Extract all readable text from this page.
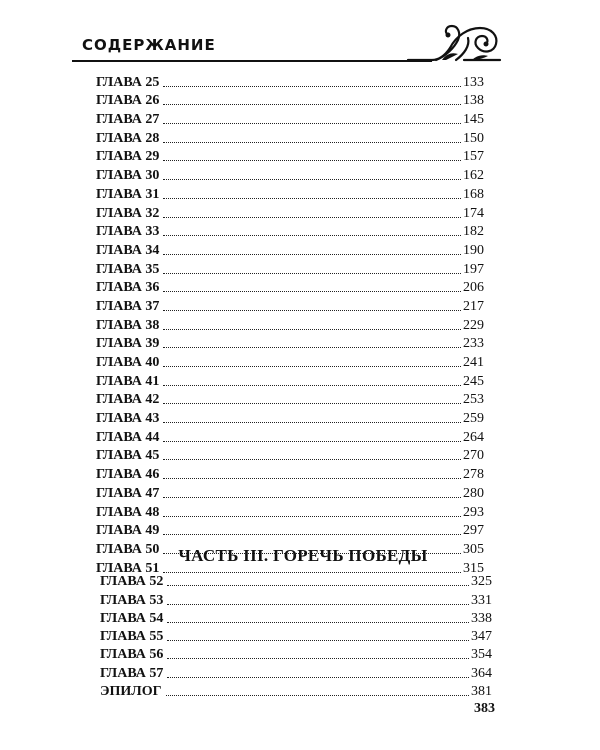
СОДЕРЖАНИЕ
ГЛАВА 25	133
ГЛАВА 26	138
ГЛАВА 27	145
ГЛАВА 28	150
ГЛАВА 29	157
ГЛАВА 30	162
ГЛАВА 31	168
ГЛАВА 32	174
ГЛАВА 33	182
ГЛАВА 34	190
ГЛАВА 35	197
ГЛАВА 36	206
ГЛАВА 37	217
ГЛАВА 38	229
ГЛАВА 39	233
ГЛАВА 40	241
ГЛАВА 41	245
ГЛАВА 42	253
ГЛАВА 43	259
ГЛАВА 44	264
ГЛАВА 45	270
ГЛАВА 46	278
ГЛАВА 47	280
ГЛАВА 48	293
ГЛАВА 49	297
ГЛАВА 50	305
ГЛАВА 51	315
ЧАСТЬ III. ГОРЕЧЬ ПОБЕДЫ
ГЛАВА 52	325
ГЛАВА 53	331
ГЛАВА 54	338
ГЛАВА 55	347
ГЛАВА 56	354
ГЛАВА 57	364
ЭПИЛОГ	381
383
